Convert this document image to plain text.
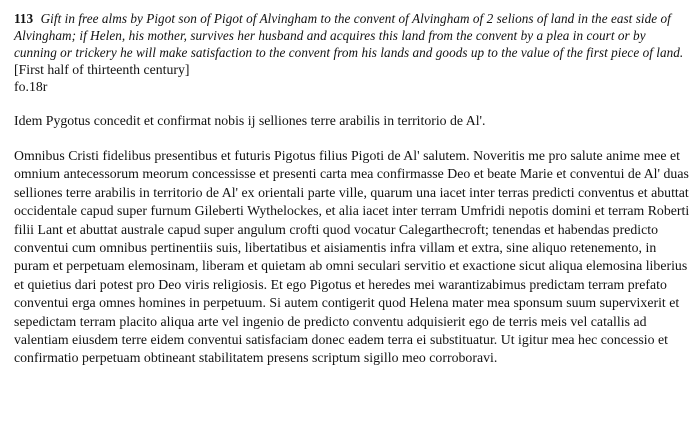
113 Gift in free alms by Pigot son of Pigot of Alvingham to the convent of Alvingham of 2 selions of land in the east side of Alvingham; if Helen, his mother, survives her husband and acquires this land from the convent by a plea in court or by cunning or trickery he will make satisfaction to the convent from his lands and goods up to the value of the first piece of land.

[First half of thirteenth century]

fo.18r

Idem Pygotus concedit et confirmat nobis ij selliones terre arabilis in territorio de Al'.

Omnibus Cristi fidelibus presentibus et futuris Pigotus filius Pigoti de Al' salutem. Noveritis me pro salute anime mee et omnium antecessorum meorum concessisse et presenti carta mea confirmasse Deo et beate Marie et conventui de Al' duas selliones terre arabilis in territorio de Al' ex orientali parte ville, quarum una iacet inter terras predicti conventus et abuttat occidentale capud super furnum Gileberti Wythelockes, et alia iacet inter terram Umfridi nepotis domini et terram Roberti filii Lant et abuttat australe capud super angulum crofti quod vocatur Calegarthecroft; tenendas et habendas predicto conventui cum omnibus pertinentiis suis, libertatibus et aisiamentis infra villam et extra, sine aliquo retenemento, in puram et perpetuam elemosinam, liberam et quietam ab omni seculari servitio et exactione sicut aliqua elemosina liberius et quietius dari potest pro Deo viris religiosis. Et ego Pigotus et heredes mei warantizabimus predictam terram prefato conventui erga omnes homines in perpetuum. Si autem contigerit quod Helena mater mea sponsum suum supervixerit et sepedictam terram placito aliqua arte vel ingenio de predicto conventu adquisierit ego de terris meis vel catallis ad valentiam eiusdem terre eidem conventui satisfaciam donec eadem terra ei substituatur. Ut igitur mea hec concessio et confirmatio perpetuam obtineant stabilitatem presens scriptum sigillo meo corroboravi.
